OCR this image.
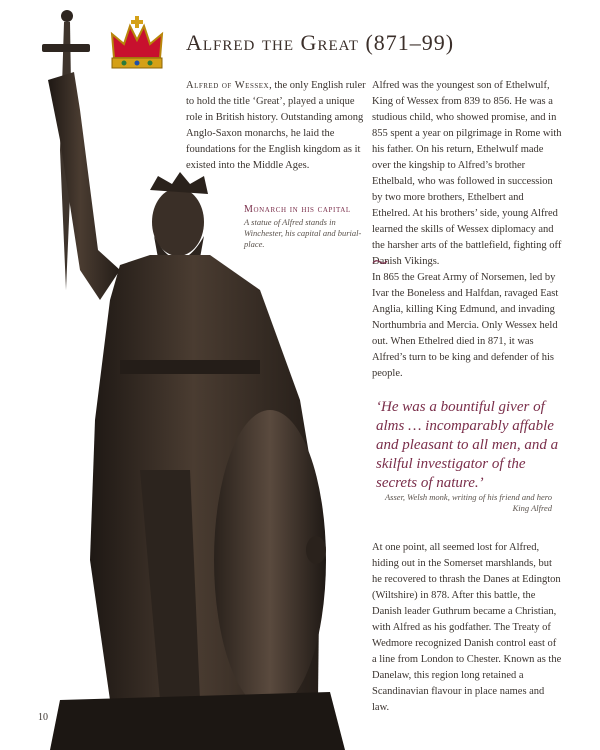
Alfred the Great (871–99)

Alfred of Wessex, the only English ruler to hold the title ‘Great’, played a unique role in British history. Outstanding among Anglo-Saxon monarchs, he laid the foundations for the English kingdom as it existed into the Middle Ages.

Monarch in his capital
A statue of Alfred stands in Winchester, his capital and burial-place.

Alfred was the youngest son of Ethelwulf, King of Wessex from 839 to 856. He was a studious child, who showed promise, and in 855 spent a year on pilgrimage in Rome with his father. On his return, Ethelwulf made over the kingship to Alfred’s brother Ethelbald, who was followed in succession by two more brothers, Ethelbert and Ethelred. At his brothers’ side, young Alfred learned the skills of Wessex diplomacy and the harsher arts of the battlefield, fighting off Danish Vikings.

In 865 the Great Army of Norsemen, led by Ivar the Boneless and Halfdan, ravaged East Anglia, killing King Edmund, and invading Northumbria and Mercia. Only Wessex held out. When Ethelred died in 871, it was Alfred’s turn to be king and defender of his people.

‘He was a bountiful giver of alms … incomparably affable and pleasant to all men, and a skilful investigator of the secrets of nature.’
Asser, Welsh monk, writing of his friend and hero King Alfred

At one point, all seemed lost for Alfred, hiding out in the Somerset marshlands, but he recovered to thrash the Danes at Edington (Wiltshire) in 878. After this battle, the Danish leader Guthrum became a Christian, with Alfred as his godfather. The Treaty of Wedmore recognized Danish control east of a line from London to Chester. Known as the Danelaw, this region long retained a Scandinavian flavour in place names and law.

10
